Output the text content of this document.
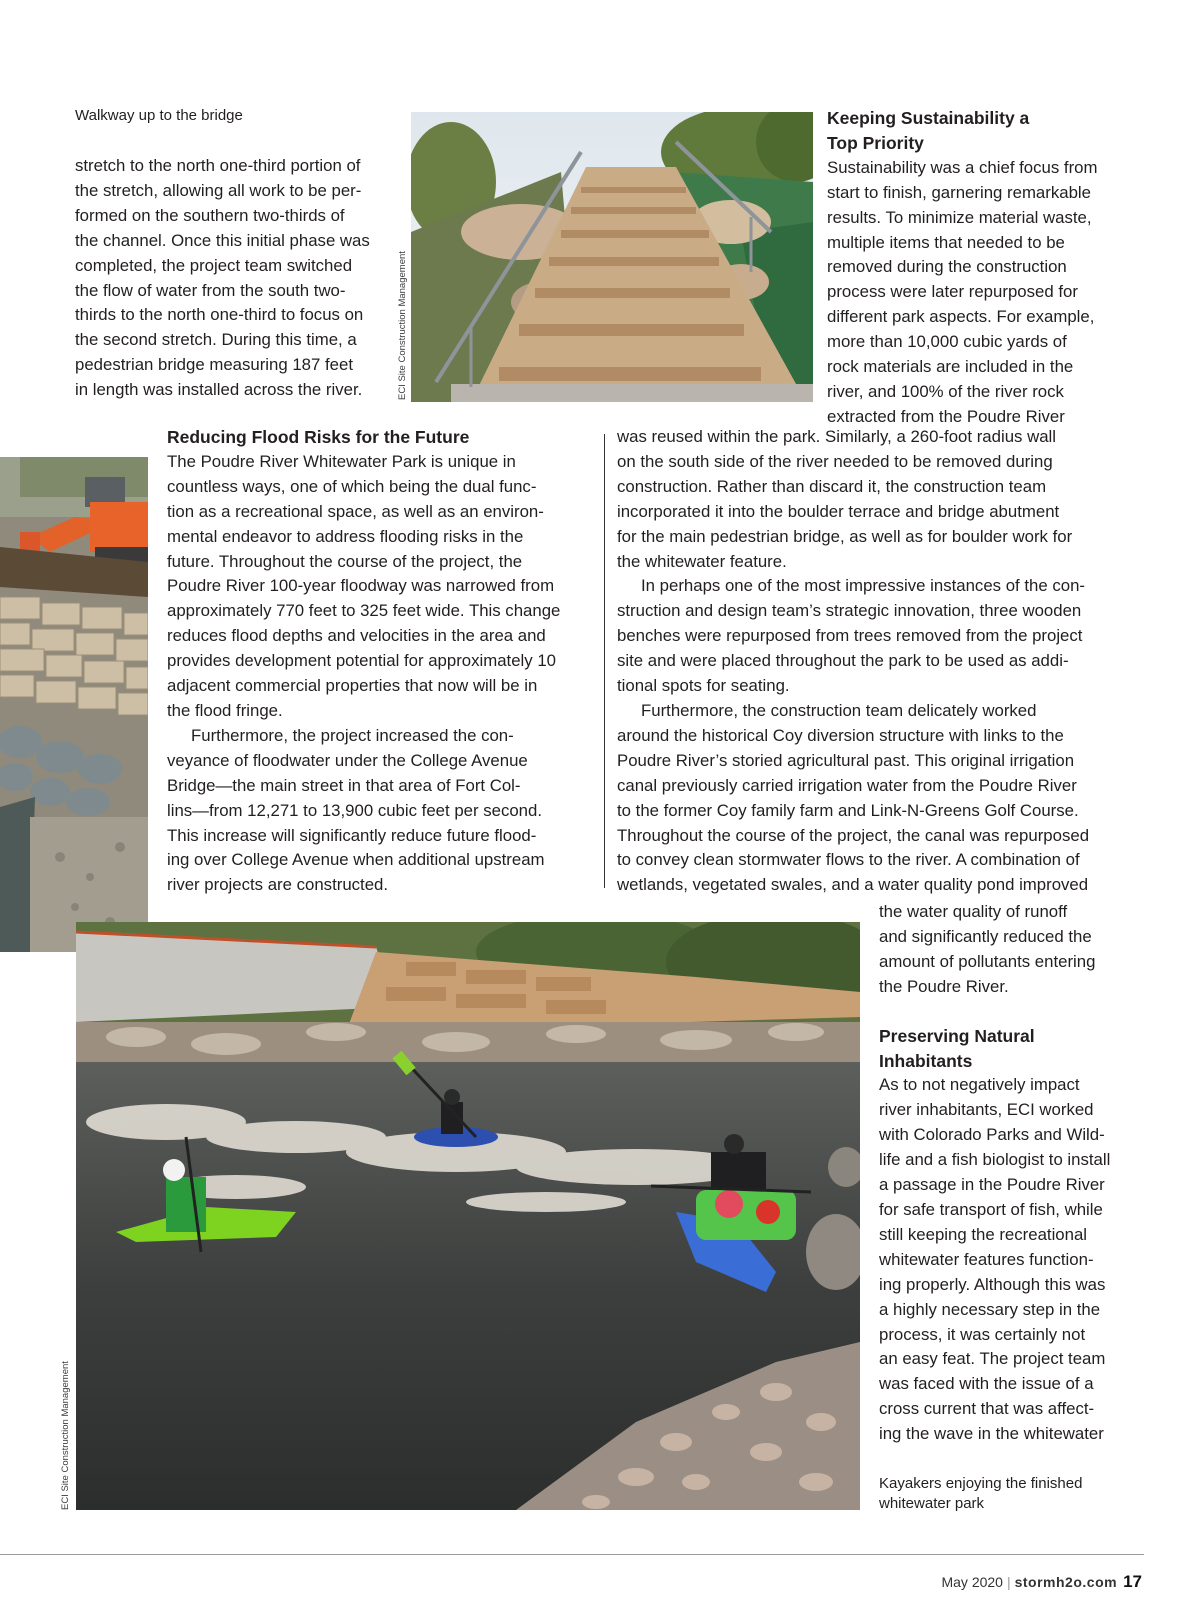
Walkway up to the bridge
stretch to the north one-third portion of
the stretch, allowing all work to be per-
formed on the southern two-thirds of
the channel. Once this initial phase was
completed, the project team switched
the flow of water from the south two-
thirds to the north one-third to focus on
the second stretch. During this time, a
pedestrian bridge measuring 187 feet
in length was installed across the river.	ECI Site Construction Management
Keeping Sustainability a
Top Priority
Sustainability was a chief focus from
start to finish, garnering remarkable
results. To minimize material waste,
multiple items that needed to be
removed during the construction
process were later repurposed for
different park aspects. For example,
more than 10,000 cubic yards of
rock materials are included in the
river, and 100% of the river rock
extracted from the Poudre River
Reducing Flood Risks for the Future
The Poudre River Whitewater Park is unique in
countless ways, one of which being the dual func-
tion as a recreational space, as well as an environ-
mental endeavor to address flooding risks in the
future. Throughout the course of the project, the
Poudre River 100-year floodway was narrowed from
approximately 770 feet to 325 feet wide. This change
reduces flood depths and velocities in the area and
provides development potential for approximately 10
adjacent commercial properties that now will be in
the flood fringe.
Furthermore, the project increased the con-
veyance of floodwater under the College Avenue
Bridge—the main street in that area of Fort Col-
lins—from 12,271 to 13,900 cubic feet per second.
This increase will significantly reduce future flood-
ing over College Avenue when additional upstream
river projects are constructed.
was reused within the park. Similarly, a 260-foot radius wall
on the south side of the river needed to be removed during
construction. Rather than discard it, the construction team
incorporated it into the boulder terrace and bridge abutment
for the main pedestrian bridge, as well as for boulder work for
the whitewater feature.
In perhaps one of the most impressive instances of the con-
struction and design team’s strategic innovation, three wooden
benches were repurposed from trees removed from the project
site and were placed throughout the park to be used as addi-
tional spots for seating.
Furthermore, the construction team delicately worked
around the historical Coy diversion structure with links to the
Poudre River’s storied agricultural past. This original irrigation
canal previously carried irrigation water from the Poudre River
to the former Coy family farm and Link-N-Greens Golf Course.
Throughout the course of the project, the canal was repurposed
to convey clean stormwater flows to the river. A combination of
wetlands, vegetated swales, and a water quality pond improved
ECI Site Construction Management
the water quality of runoff
and significantly reduced the
amount of pollutants entering
the Poudre River.
Preserving Natural
Inhabitants
As to not negatively impact
river inhabitants, ECI worked
with Colorado Parks and Wild-
life and a fish biologist to install
a passage in the Poudre River
for safe transport of fish, while
still keeping the recreational
whitewater features function-
ing properly. Although this was
a highly necessary step in the
process, it was certainly not
an easy feat. The project team
was faced with the issue of a
cross current that was affect-
ing the wave in the whitewater
Kayakers enjoying the finished whitewater park
May 2020 | stormh2o.com 17
